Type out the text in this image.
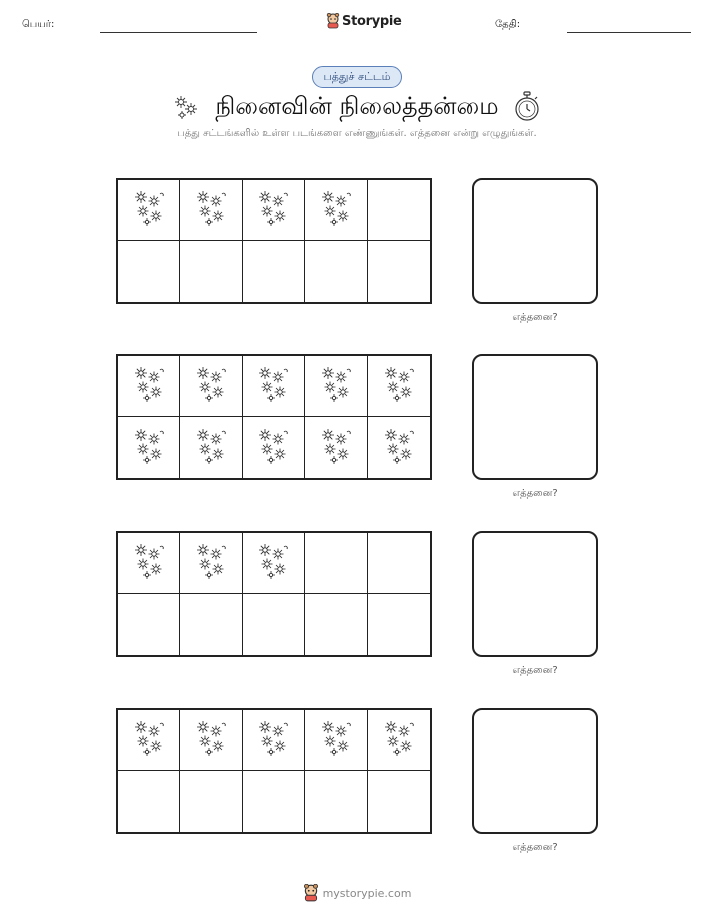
பெயர்:	Storypie	தேதி:
பத்துச் சட்டம்
நினைவின் நிலைத்தன்மை
பத்து சட்டங்களில் உள்ள படங்களை எண்ணுங்கள். எத்தனை என்று எழுதுங்கள்.
எத்தனை?
எத்தனை?
எத்தனை?
எத்தனை?
mystorypie.com
